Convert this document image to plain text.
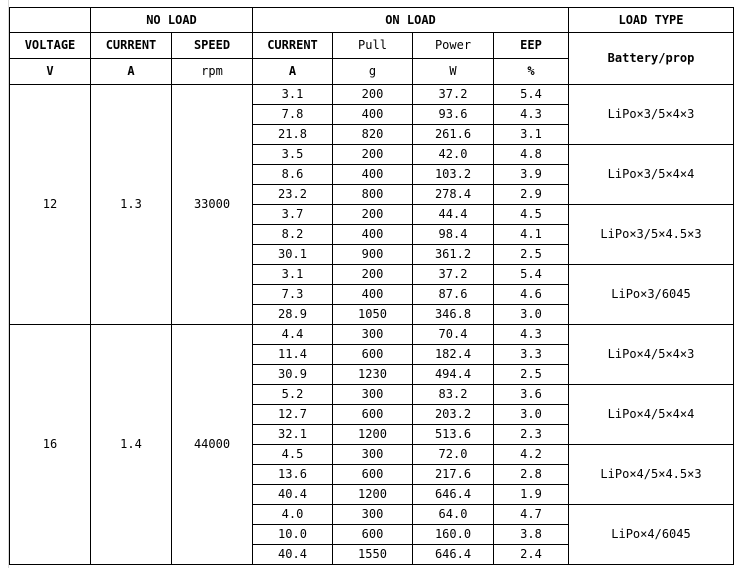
	NO LOAD		ON LOAD				LOAD TYPE
VOLTAGE	CURRENT	SPEED	CURRENT	Pull	Power	EEP	Battery/prop
V	A	rpm	A	g	W	%	
12	1.3	33000	3.1	200	37.2	5.4	LiPo×3/5×4×3
			7.8	400	93.6	4.3	
			21.8	820	261.6	3.1	
			3.5	200	42.0	4.8	LiPo×3/5×4×4
			8.6	400	103.2	3.9	
			23.2	800	278.4	2.9	
			3.7	200	44.4	4.5	LiPo×3/5×4.5×3
			8.2	400	98.4	4.1	
			30.1	900	361.2	2.5	
			3.1	200	37.2	5.4	LiPo×3/6045
			7.3	400	87.6	4.6	
			28.9	1050	346.8	3.0	
16	1.4	44000	4.4	300	70.4	4.3	LiPo×4/5×4×3
			11.4	600	182.4	3.3	
			30.9	1230	494.4	2.5	
			5.2	300	83.2	3.6	LiPo×4/5×4×4
			12.7	600	203.2	3.0	
			32.1	1200	513.6	2.3	
			4.5	300	72.0	4.2	LiPo×4/5×4.5×3
			13.6	600	217.6	2.8	
			40.4	1200	646.4	1.9	
			4.0	300	64.0	4.7	LiPo×4/6045
			10.0	600	160.0	3.8	
			40.4	1550	646.4	2.4	
